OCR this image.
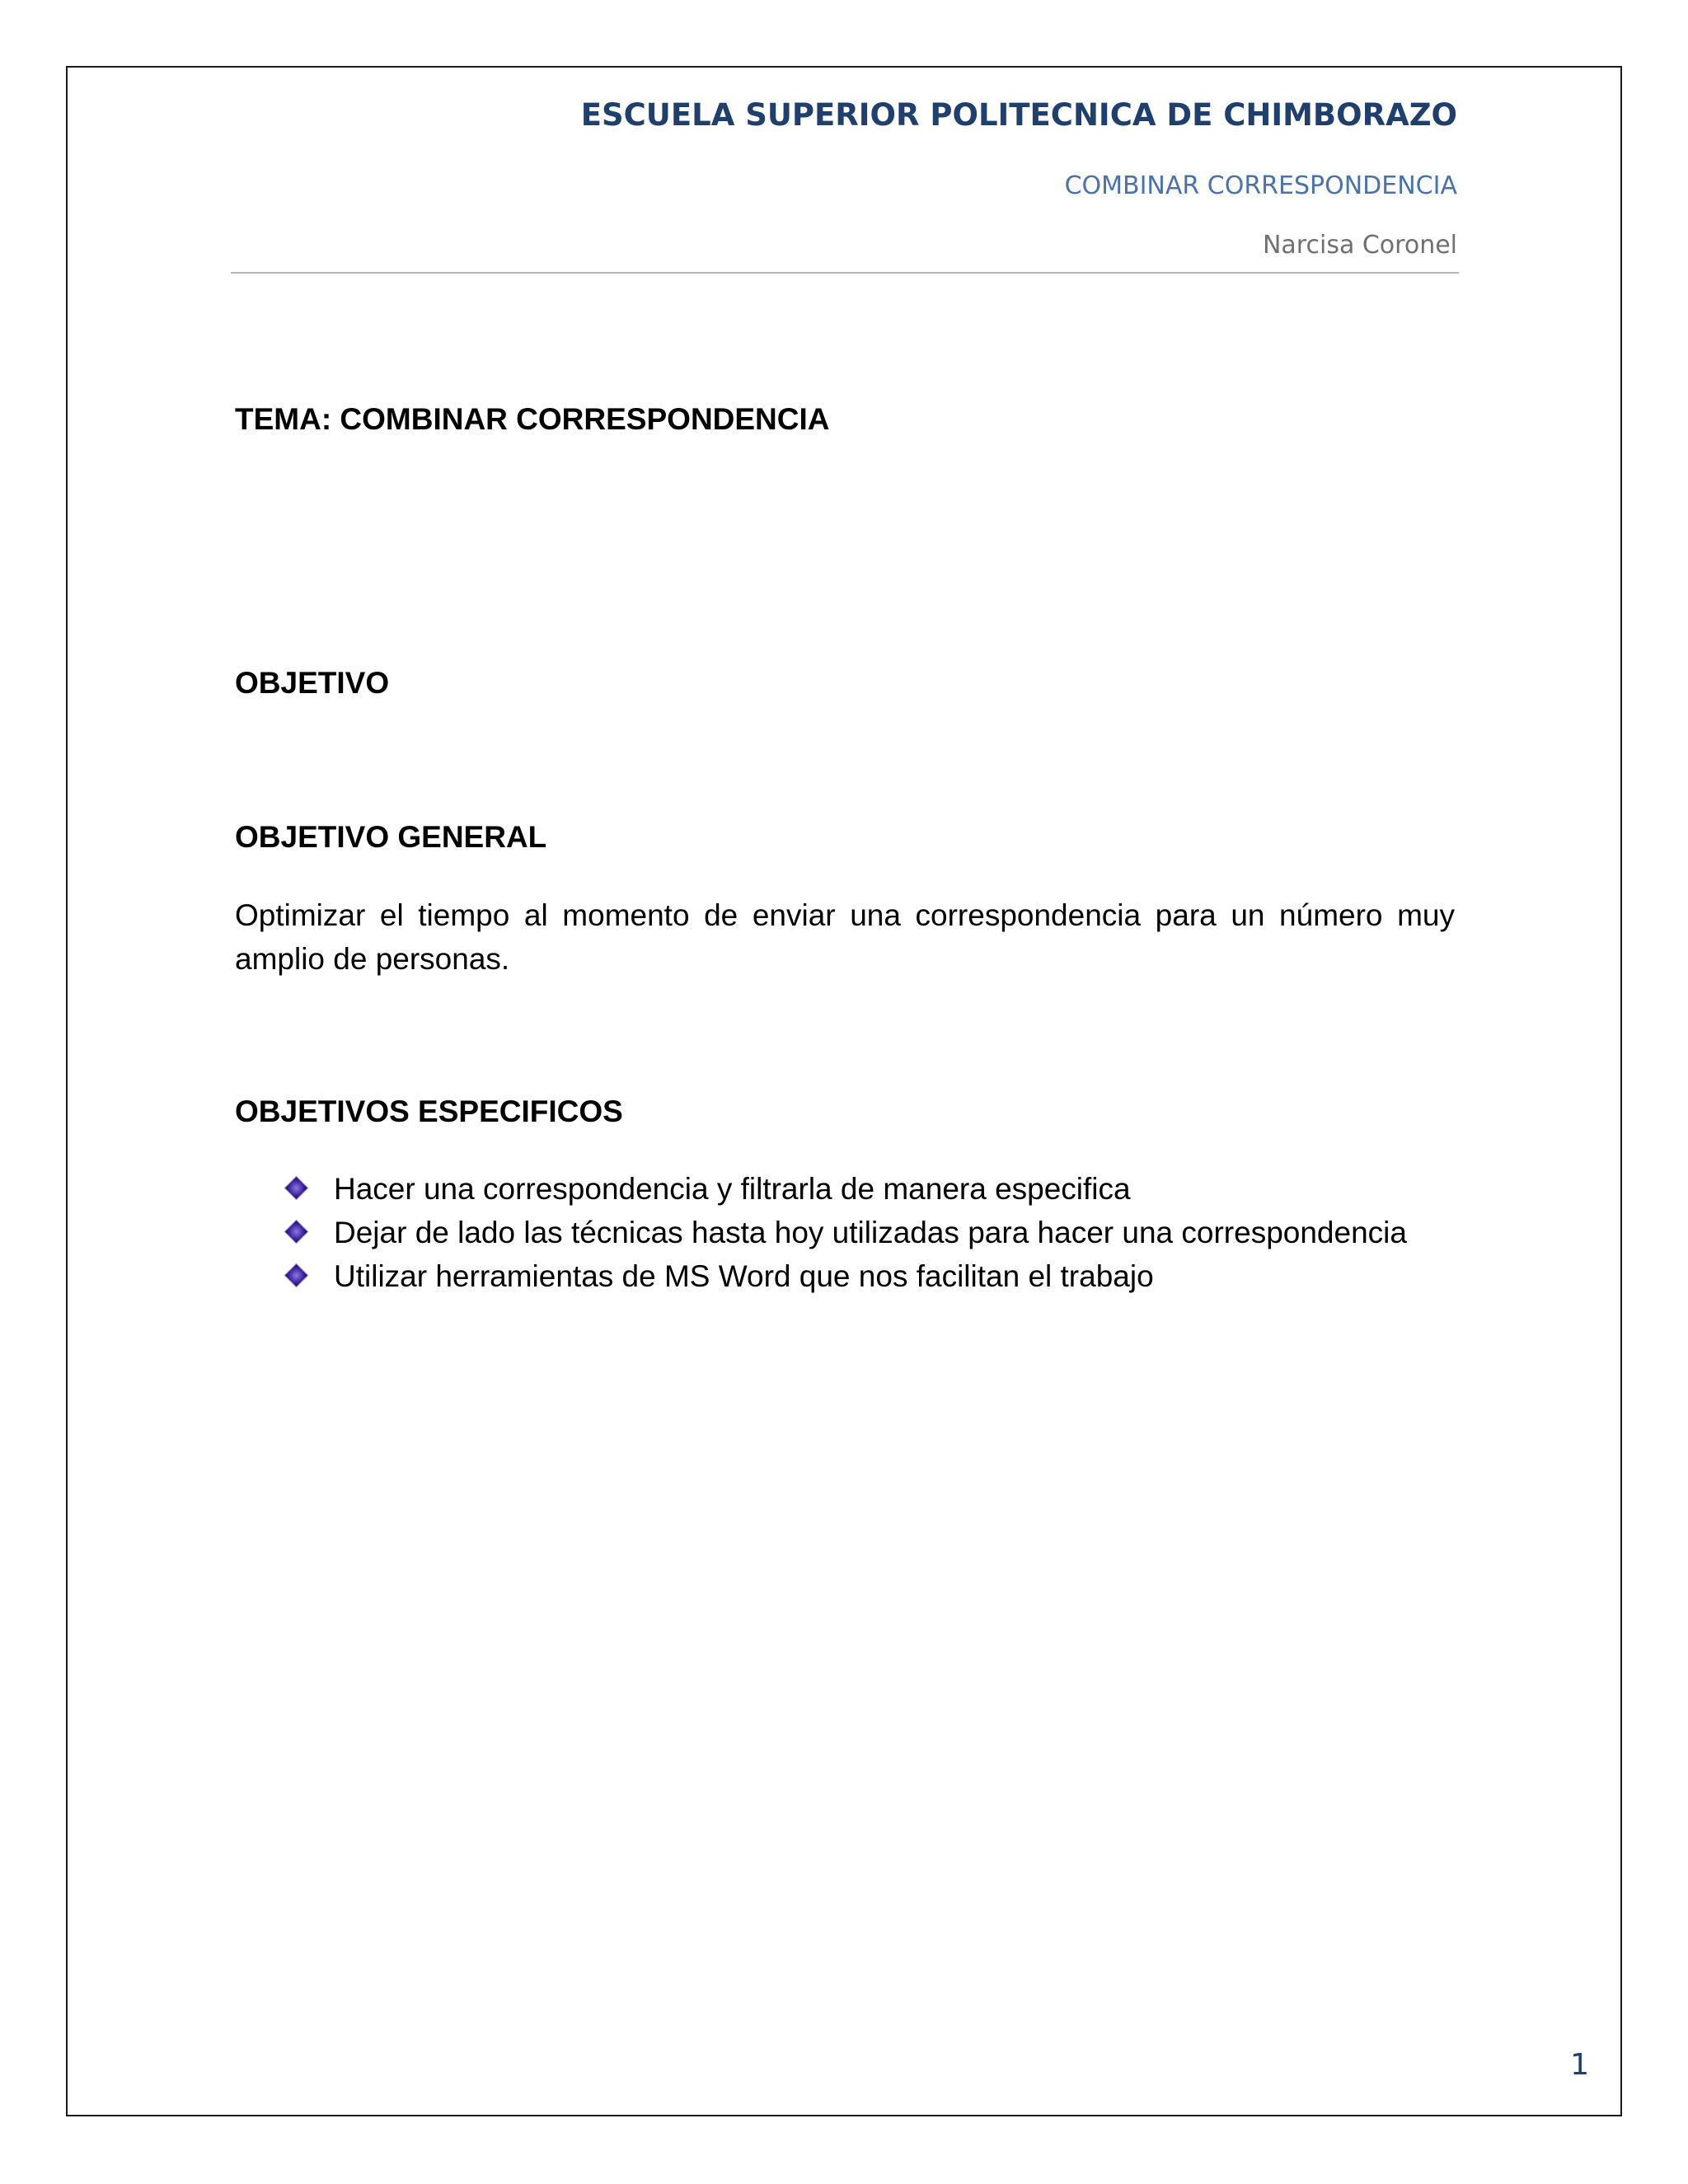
ESCUELA SUPERIOR POLITECNICA DE CHIMBORAZO
COMBINAR CORRESPONDENCIA
Narcisa Coronel
TEMA: COMBINAR CORRESPONDENCIA
OBJETIVO
OBJETIVO GENERAL
Optimizar el tiempo al momento de enviar una correspondencia para un número muy amplio de personas.
OBJETIVOS ESPECIFICOS
Hacer una correspondencia y filtrarla de manera especifica
Dejar de lado las técnicas hasta hoy utilizadas para hacer una correspondencia
Utilizar herramientas de MS Word que nos facilitan el trabajo
1
